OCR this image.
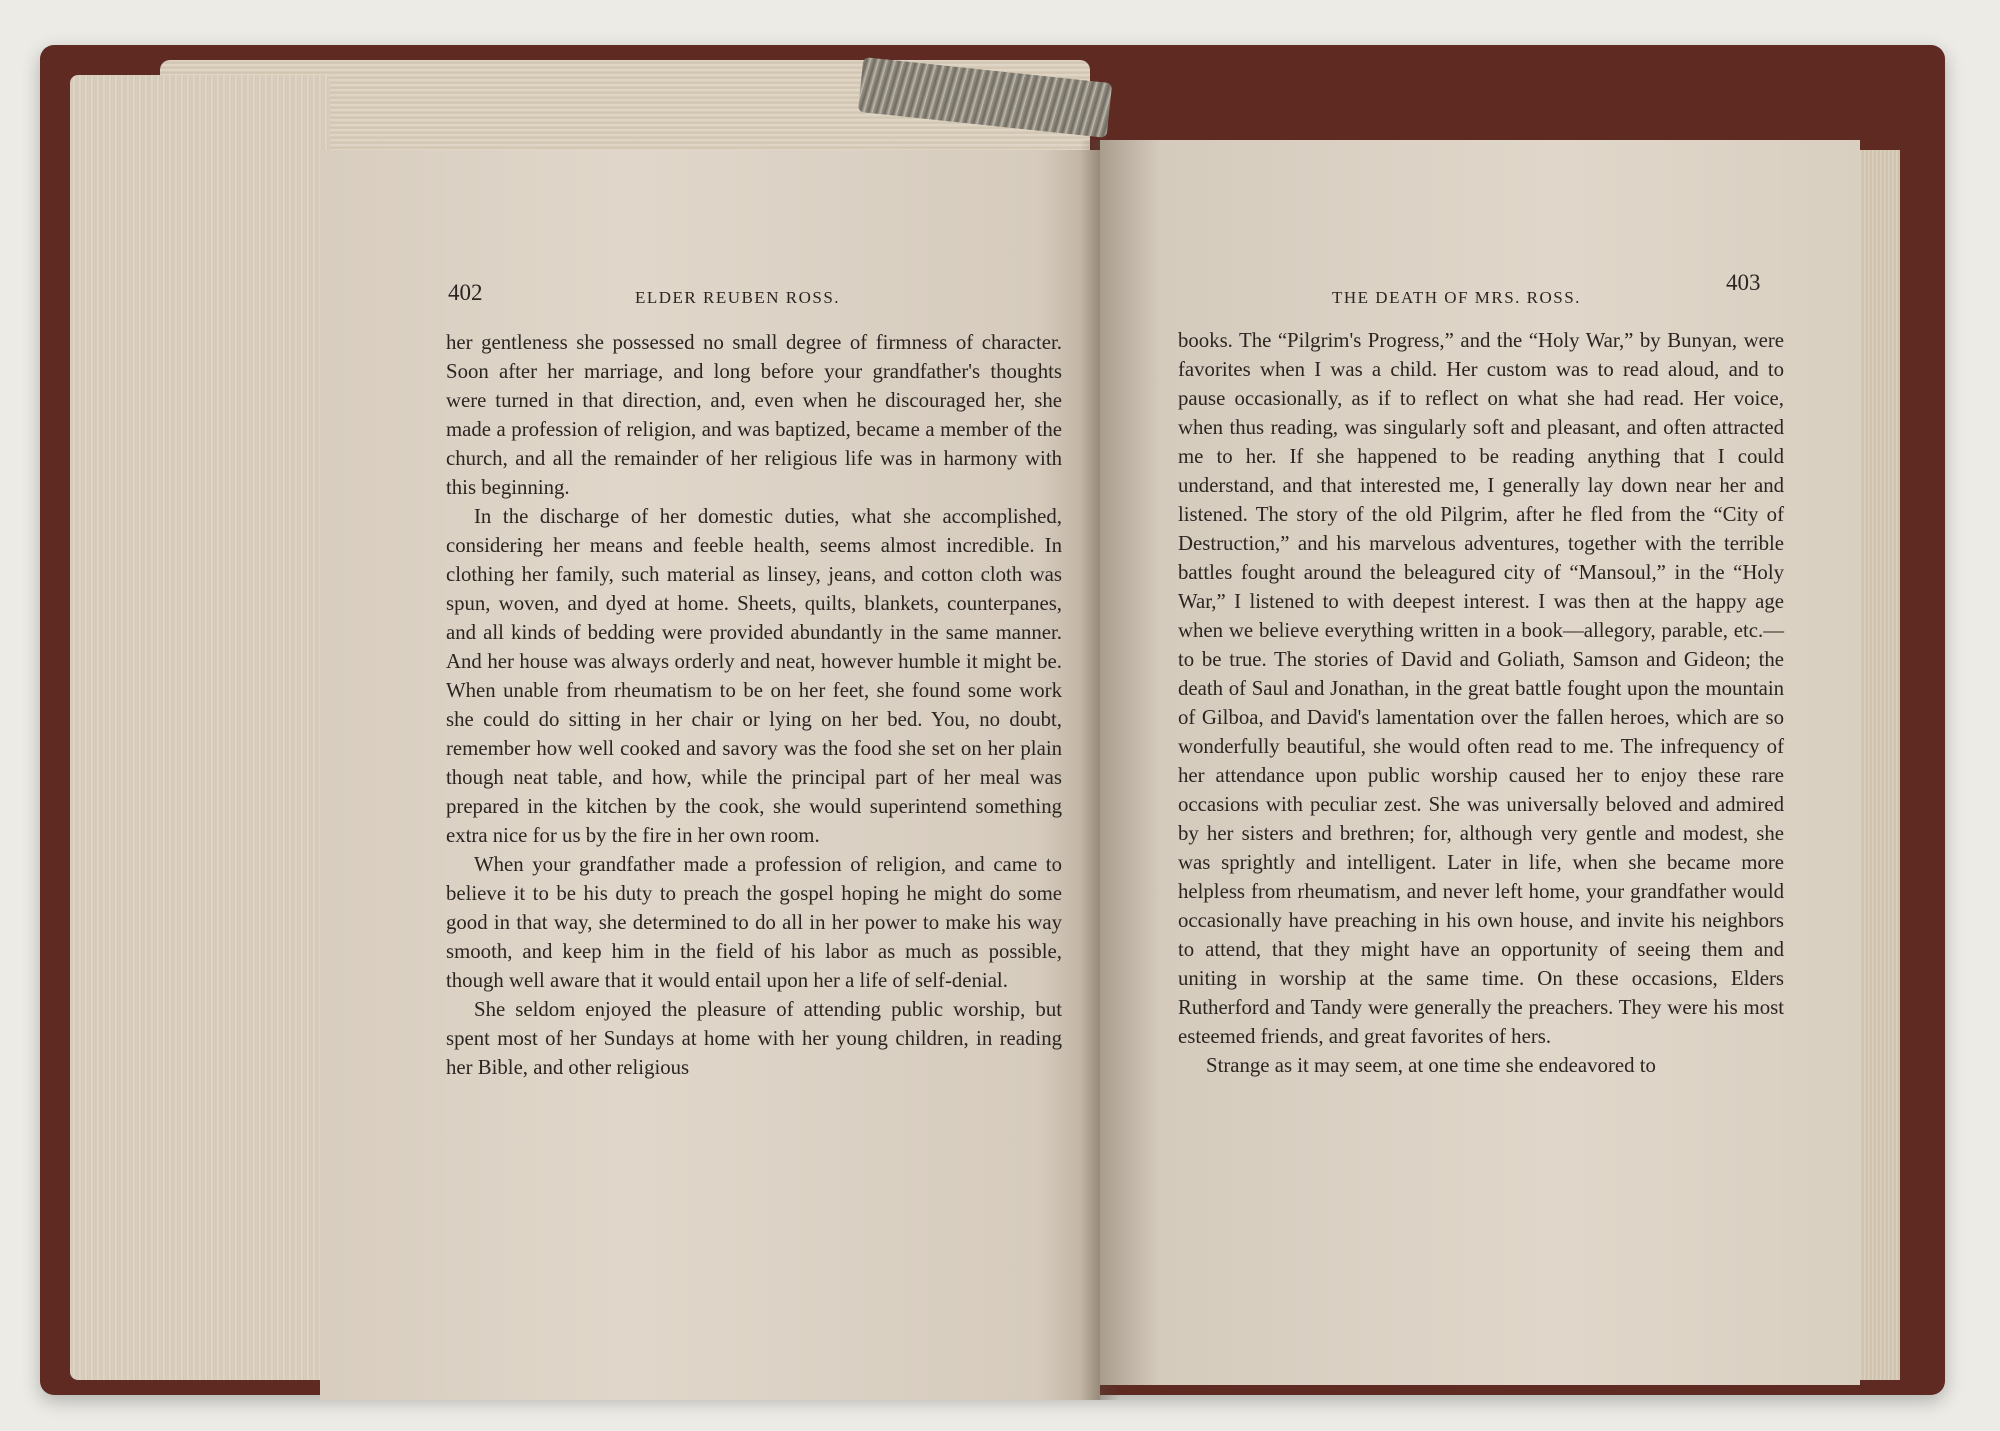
402	ELDER REUBEN ROSS.

her gentleness she possessed no small degree of firmness of character. Soon after her marriage, and long before your grandfather's thoughts were turned in that direction, and, even when he discouraged her, she made a profession of religion, and was baptized, became a member of the church, and all the remainder of her religious life was in harmony with this beginning.

In the discharge of her domestic duties, what she accomplished, considering her means and feeble health, seems almost incredible. In clothing her family, such material as linsey, jeans, and cotton cloth was spun, woven, and dyed at home. Sheets, quilts, blankets, counterpanes, and all kinds of bedding were provided abundantly in the same manner. And her house was always orderly and neat, however humble it might be. When unable from rheumatism to be on her feet, she found some work she could do sitting in her chair or lying on her bed. You, no doubt, remember how well cooked and savory was the food she set on her plain though neat table, and how, while the principal part of her meal was prepared in the kitchen by the cook, she would superintend something extra nice for us by the fire in her own room.

When your grandfather made a profession of religion, and came to believe it to be his duty to preach the gospel hoping he might do some good in that way, she determined to do all in her power to make his way smooth, and keep him in the field of his labor as much as possible, though well aware that it would entail upon her a life of self-denial.

She seldom enjoyed the pleasure of attending public worship, but spent most of her Sundays at home with her young children, in reading her Bible, and other religious

THE DEATH OF MRS. ROSS.
403

books. The “Pilgrim's Progress,” and the “Holy War,” by Bunyan, were favorites when I was a child. Her custom was to read aloud, and to pause occasionally, as if to reflect on what she had read. Her voice, when thus reading, was singularly soft and pleasant, and often attracted me to her. If she happened to be reading anything that I could understand, and that interested me, I generally lay down near her and listened. The story of the old Pilgrim, after he fled from the “City of Destruction,” and his marvelous adventures, together with the terrible battles fought around the beleagured city of “Mansoul,” in the “Holy War,” I listened to with deepest interest. I was then at the happy age when we believe everything written in a book—allegory, parable, etc.—to be true. The stories of David and Goliath, Samson and Gideon; the death of Saul and Jonathan, in the great battle fought upon the mountain of Gilboa, and David's lamentation over the fallen heroes, which are so wonderfully beautiful, she would often read to me. The infrequency of her attendance upon public worship caused her to enjoy these rare occasions with peculiar zest. She was universally beloved and admired by her sisters and brethren; for, although very gentle and modest, she was sprightly and intelligent. Later in life, when she became more helpless from rheumatism, and never left home, your grandfather would occasionally have preaching in his own house, and invite his neighbors to attend, that they might have an opportunity of seeing them and uniting in worship at the same time. On these occasions, Elders Rutherford and Tandy were generally the preachers. They were his most esteemed friends, and great favorites of hers.

Strange as it may seem, at one time she endeavored to
